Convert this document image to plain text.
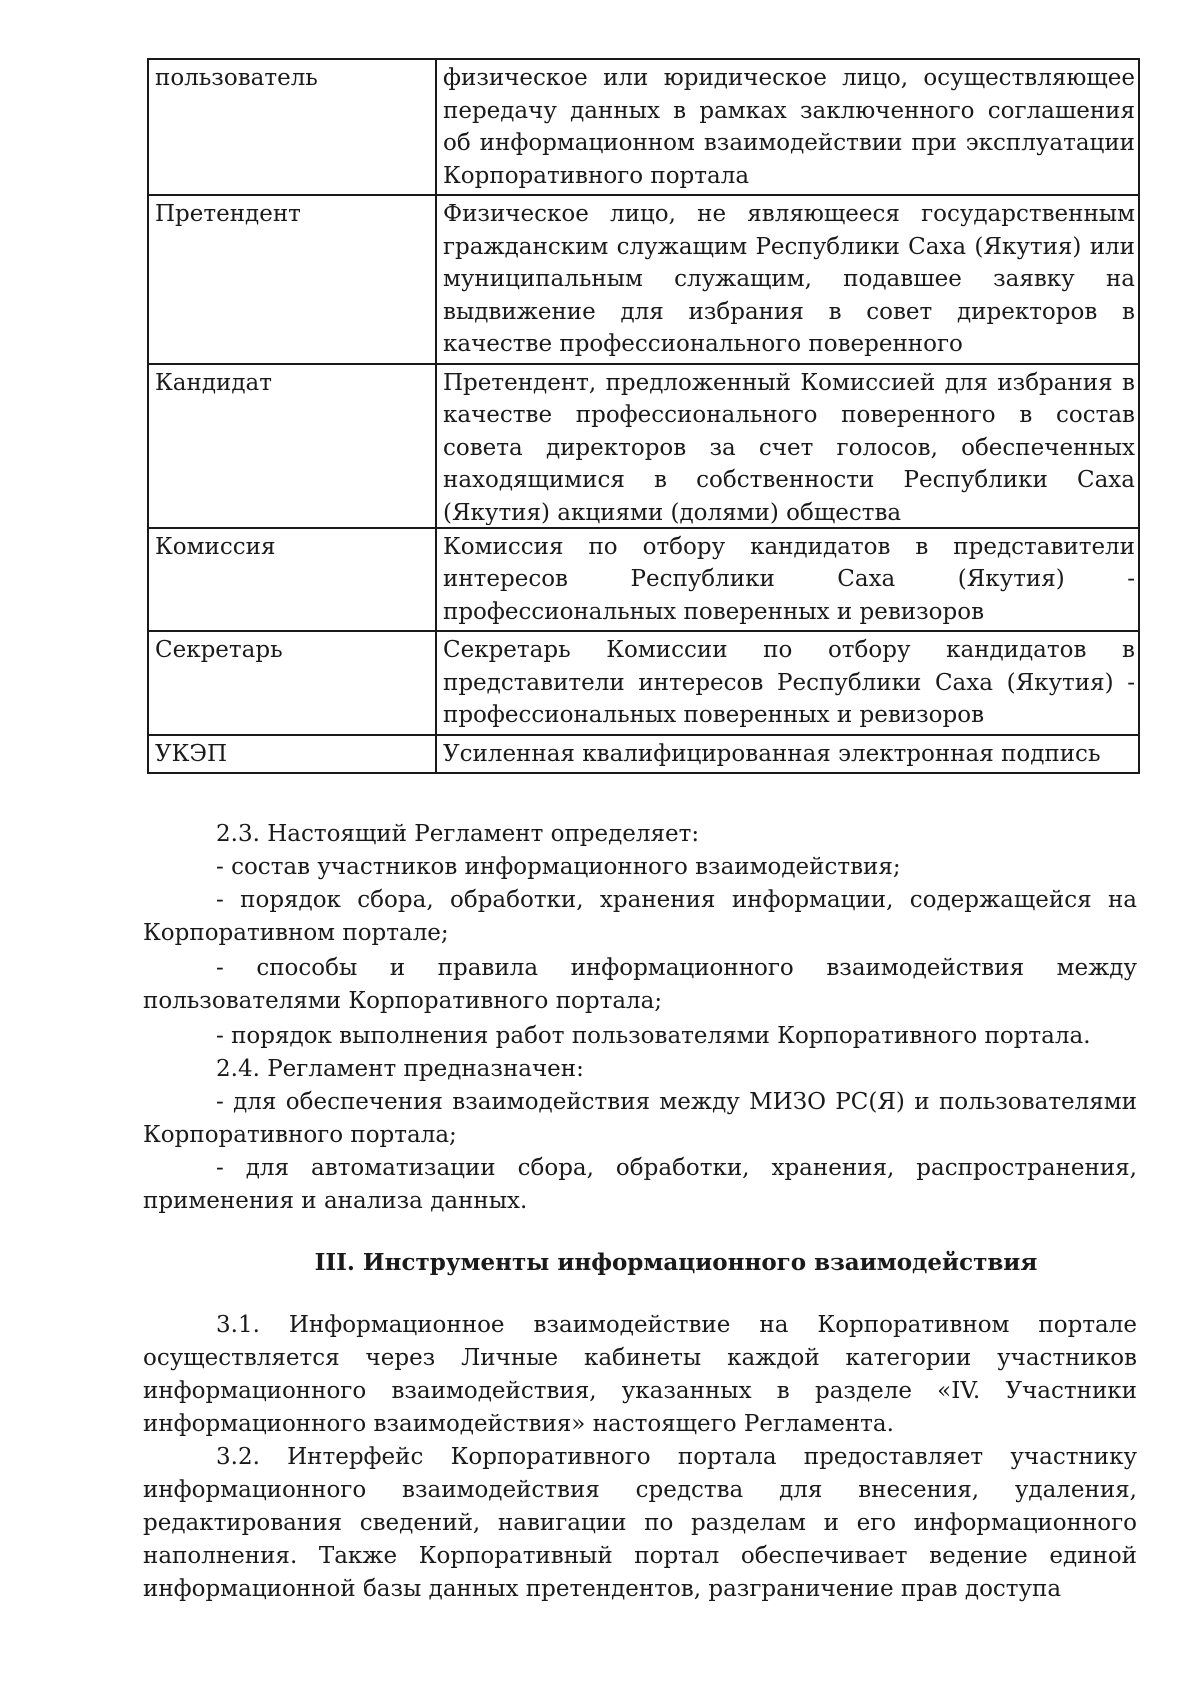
пользователь	физическое или юридическое лицо, осуществляющее передачу данных в рамках заключенного соглашения об информационном взаимодействии при эксплуатации Корпоративного портала
Претендент	Физическое лицо, не являющееся государственным гражданским служащим Республики Саха (Якутия) или муниципальным служащим, подавшее заявку на выдвижение для избрания в совет директоров в качестве профессионального поверенного
Кандидат	Претендент, предложенный Комиссией для избрания в качестве профессионального поверенного в состав совета директоров за счет голосов, обеспеченных находящимися в собственности Республики Саха (Якутия) акциями (долями) общества

Комиссия	Комиссия по отбору кандидатов в представители интересов Республики Саха (Якутия) - профессиональных поверенных и ревизоров
Секретарь	Секретарь Комиссии по отбору кандидатов в представители интересов Республики Саха (Якутия) - профессиональных поверенных и ревизоров
УКЭП	Усиленная квалифицированная электронная подпись

2.3. Настоящий Регламент определяет:

- состав участников информационного взаимодействия;

- порядок сбора, обработки, хранения информации, содержащейся на Корпоративном портале;

- способы и правила информационного взаимодействия между пользователями Корпоративного портала;

- порядок выполнения работ пользователями Корпоративного портала.

2.4. Регламент предназначен:

- для обеспечения взаимодействия между МИЗО РС(Я) и пользователями Корпоративного портала;

- для автоматизации сбора, обработки, хранения, распространения, применения и анализа данных.

III. Инструменты информационного взаимодействия

3.1. Информационное взаимодействие на Корпоративном портале осуществляется через Личные кабинеты каждой категории участников информационного взаимодействия, указанных в разделе «IV. Участники информационного взаимодействия» настоящего Регламента.

3.2. Интерфейс Корпоративного портала предоставляет участнику информационного взаимодействия средства для внесения, удаления, редактирования сведений, навигации по разделам и его информационного наполнения. Также Корпоративный портал обеспечивает ведение единой информационной базы данных претендентов, разграничение прав доступа
